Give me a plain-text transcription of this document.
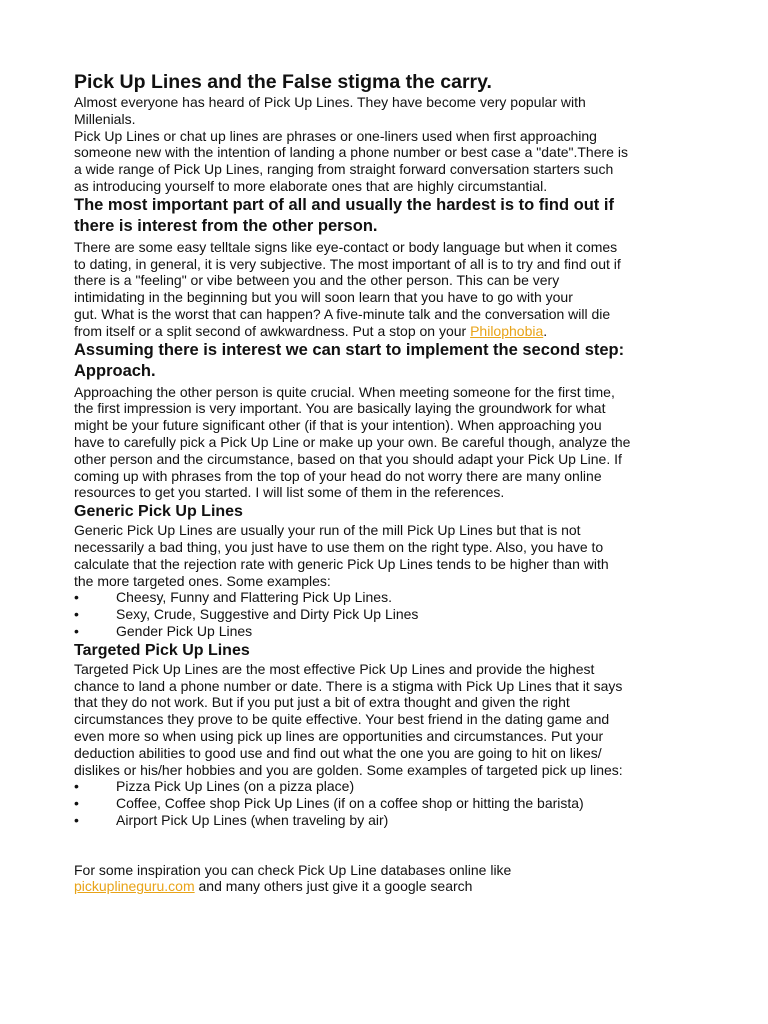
Pick Up Lines and the False stigma the carry.

Almost everyone has heard of Pick Up Lines. They have become very popular with
Millenials.

Pick Up Lines or chat up lines are phrases or one-liners used when first approaching
someone new with the intention of landing a phone number or best case a "date".There is
a wide range of Pick Up Lines, ranging from straight forward conversation starters such
as introducing yourself to more elaborate ones that are highly circumstantial.

The most important part of all and usually the hardest is to find out if
there is interest from the other person.

There are some easy telltale signs like eye-contact or body language but when it comes
to dating, in general, it is very subjective. The most important of all is to try and find out if
there is a "feeling" or vibe between you and the other person. This can be very
intimidating in the beginning but you will soon learn that you have to go with your
gut. What is the worst that can happen? A five-minute talk and the conversation will die
from itself or a split second of awkwardness. Put a stop on your Philophobia.

Assuming there is interest we can start to implement the second step:
Approach.

Approaching the other person is quite crucial. When meeting someone for the first time,
the first impression is very important. You are basically laying the groundwork for what
might be your future significant other (if that is your intention). When approaching you
have to carefully pick a Pick Up Line or make up your own. Be careful though, analyze the
other person and the circumstance, based on that you should adapt your Pick Up Line. If
coming up with phrases from the top of your head do not worry there are many online
resources to get you started. I will list some of them in the references.

Generic Pick Up Lines

Generic Pick Up Lines are usually your run of the mill Pick Up Lines but that is not
necessarily a bad thing, you just have to use them on the right type. Also, you have to
calculate that the rejection rate with generic Pick Up Lines tends to be higher than with
the more targeted ones. Some examples:

•	Cheesy, Funny and Flattering Pick Up Lines.
•	Sexy, Crude, Suggestive and Dirty Pick Up Lines
•	Gender Pick Up Lines
Targeted Pick Up Lines

Targeted Pick Up Lines are the most effective Pick Up Lines and provide the highest
chance to land a phone number or date. There is a stigma with Pick Up Lines that it says
that they do not work. But if you put just a bit of extra thought and given the right
circumstances they prove to be quite effective. Your best friend in the dating game and
even more so when using pick up lines are opportunities and circumstances. Put your
deduction abilities to good use and find out what the one you are going to hit on likes/
dislikes or his/her hobbies and you are golden. Some examples of targeted pick up lines:

•	Pizza Pick Up Lines (on a pizza place)
•	Coffee, Coffee shop Pick Up Lines (if on a coffee shop or hitting the barista)
•	Airport Pick Up Lines (when traveling by air)

For some inspiration you can check Pick Up Line databases online like
pickuplineguru.com and many others just give it a google search
